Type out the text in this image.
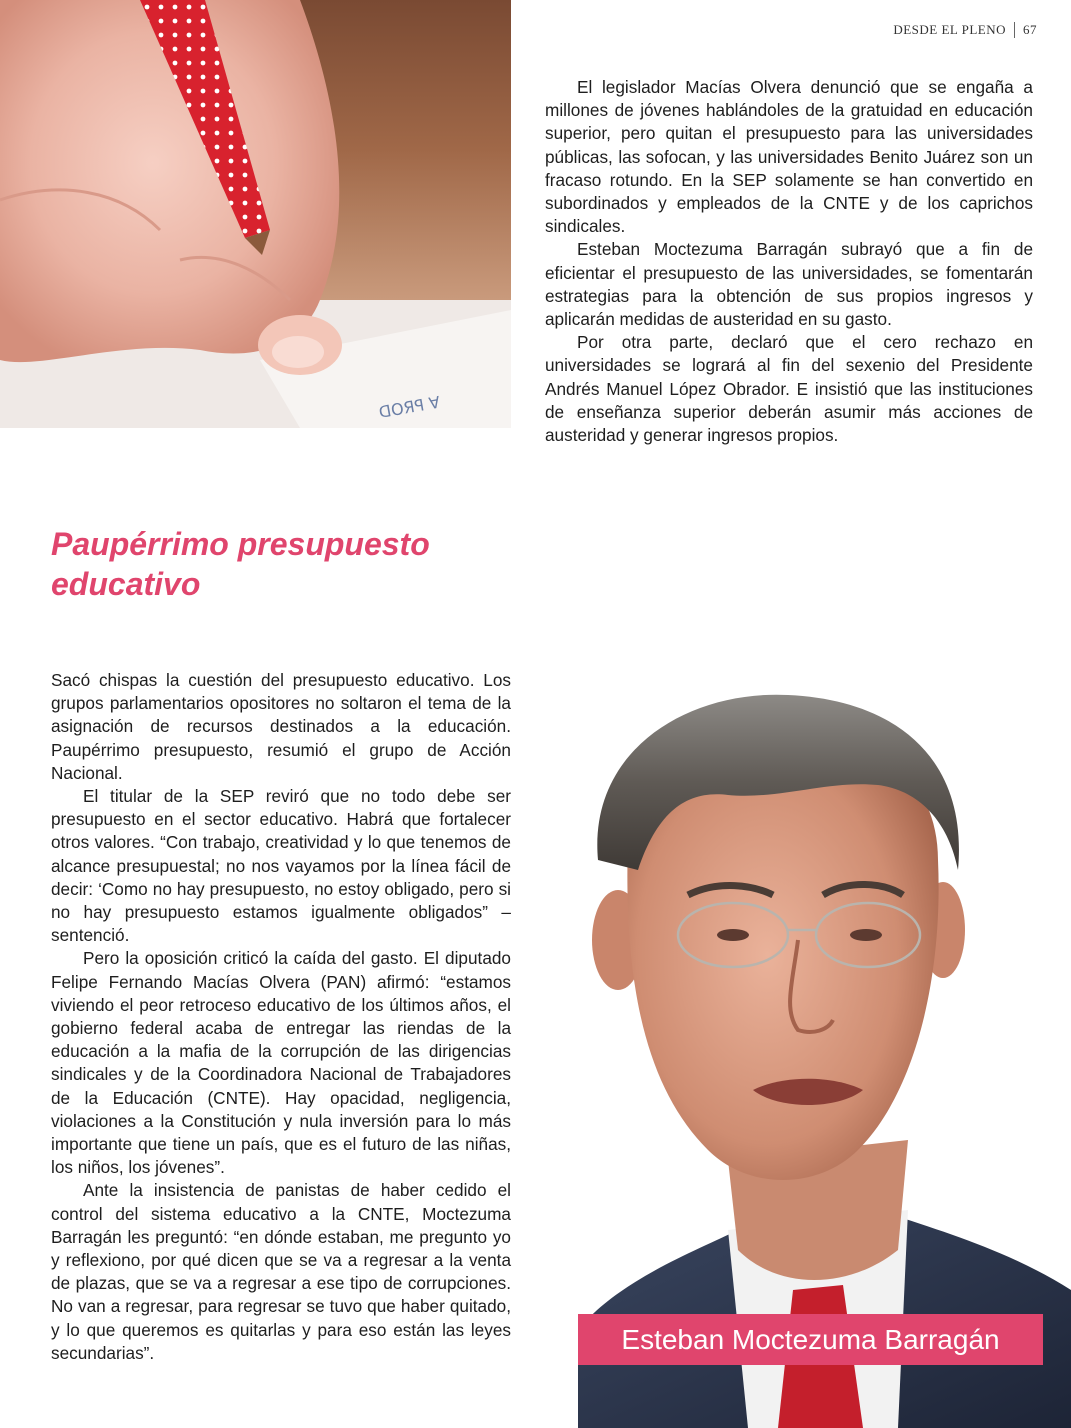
ᗡOЯꟼ ∀
DESDE EL PLENO 67

El legislador Macías Olvera denunció que se engaña a millones de jóvenes hablándoles de la gratuidad en educación superior, pero quitan el presupuesto para las universidades públicas, las sofocan, y las universidades Benito Juárez son un fracaso rotundo. En la SEP solamente se han convertido en subordinados y empleados de la CNTE y de los caprichos sindicales.

Esteban Moctezuma Barragán subrayó que a fin de eficientar el presupuesto de las universidades, se fomentarán estrategias para la obtención de sus propios ingresos y aplicarán medidas de austeridad en su gasto.

Por otra parte, declaró que el cero rechazo en universidades se logrará al fin del sexenio del Presidente Andrés Manuel López Obrador. E insistió que las instituciones de enseñanza superior deberán asumir más acciones de austeridad y generar ingresos propios.

Paupérrimo presupuesto educativo

Sacó chispas la cuestión del presupuesto educativo. Los grupos parlamentarios opositores no soltaron el tema de la asignación de recursos destinados a la educación. Paupérrimo presupuesto, resumió el grupo de Acción Nacional.

El titular de la SEP reviró que no todo debe ser presupuesto en el sector educativo. Habrá que fortalecer otros valores. “Con trabajo, creatividad y lo que tenemos de alcance presupuestal; no nos vayamos por la línea fácil de decir: ‘Como no hay presupuesto, no estoy obligado, pero si no hay presupuesto estamos igualmente obligados” –sentenció.

Pero la oposición criticó la caída del gasto. El diputado Felipe Fernando Macías Olvera (PAN) afirmó: “estamos viviendo el peor retroceso educativo de los últimos años, el gobierno federal acaba de entregar las riendas de la educación a la mafia de la corrupción de las dirigencias sindicales y de la Coordinadora Nacional de Trabajadores de la Educación (CNTE). Hay opacidad, negligencia, violaciones a la Constitución y nula inversión para lo más importante que tiene un país, que es el futuro de las niñas, los niños, los jóvenes”.

Ante la insistencia de panistas de haber cedido el control del sistema educativo a la CNTE, Moctezuma Barragán les preguntó: “en dónde estaban, me pregunto yo y reflexiono, por qué dicen que se va a regresar a la venta de plazas, que se va a regresar a ese tipo de corrupciones. No van a regresar, para regresar se tuvo que haber quitado, y lo que queremos es quitarlas y para eso están las leyes secundarias”.	Esteban Moctezuma Barragán
